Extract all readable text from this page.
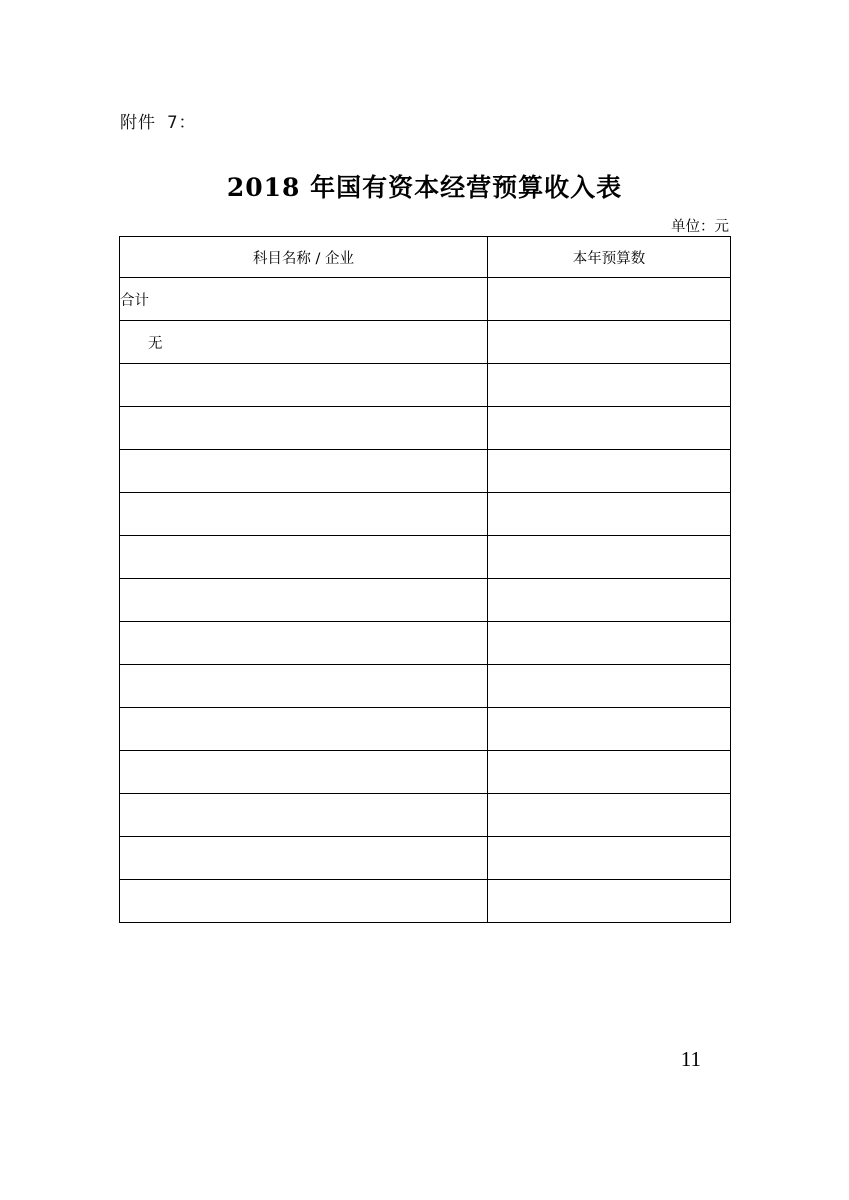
附件 7：
2018 年国有资本经营预算收入表
单位：元
科目名称 / 企业	本年预算数
合计	
无	

11
